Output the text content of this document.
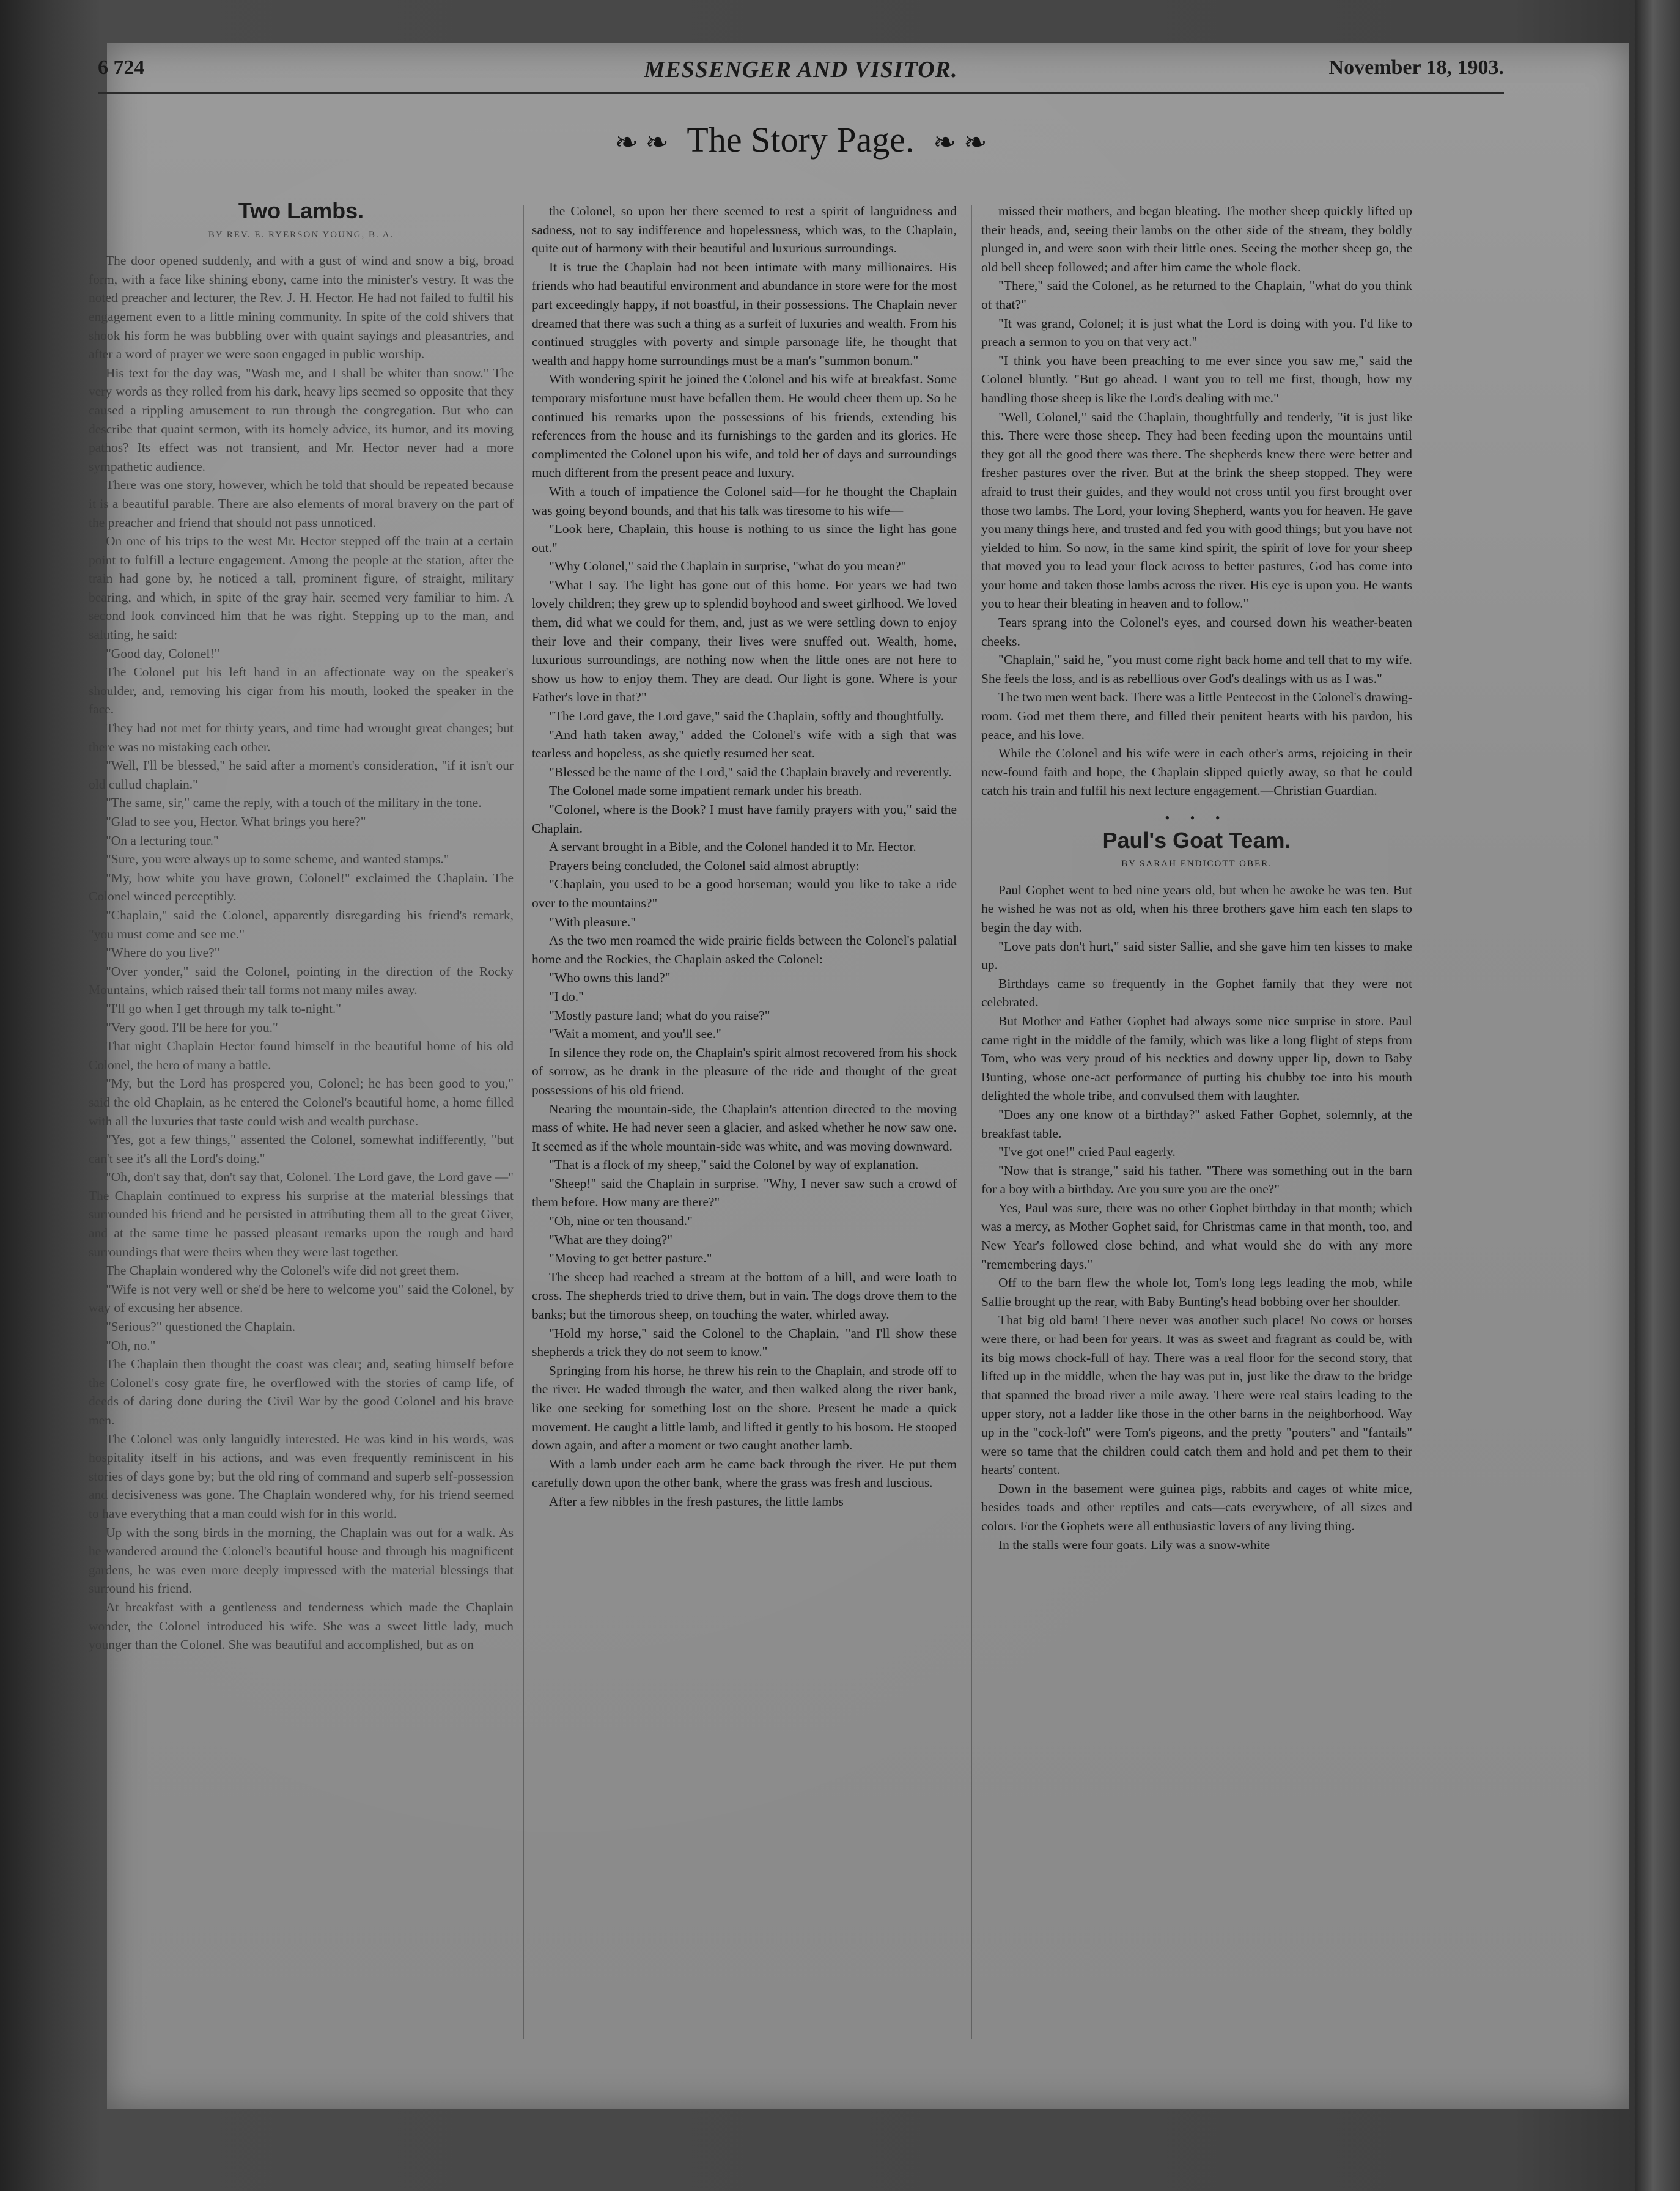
6 724	MESSENGER AND VISITOR.	November 18, 1903.
❧ ❧ The Story Page. ❧ ❧
Two Lambs.
BY REV. E. RYERSON YOUNG, B. A.

The door opened suddenly, and with a gust of wind and snow a big, broad form, with a face like shining ebony, came into the minister's vestry. It was the noted preacher and lecturer, the Rev. J. H. Hector. He had not failed to fulfil his engagement even to a little mining community. In spite of the cold shivers that shook his form he was bubbling over with quaint sayings and pleasantries, and after a word of prayer we were soon engaged in public worship.

His text for the day was, "Wash me, and I shall be whiter than snow." The very words as they rolled from his dark, heavy lips seemed so opposite that they caused a rippling amusement to run through the congregation. But who can describe that quaint sermon, with its homely advice, its humor, and its moving pathos? Its effect was not transient, and Mr. Hector never had a more sympathetic audience.

There was one story, however, which he told that should be repeated because it is a beautiful parable. There are also elements of moral bravery on the part of the preacher and friend that should not pass unnoticed.

On one of his trips to the west Mr. Hector stepped off the train at a certain point to fulfill a lecture engagement. Among the people at the station, after the train had gone by, he noticed a tall, prominent figure, of straight, military bearing, and which, in spite of the gray hair, seemed very familiar to him. A second look convinced him that he was right. Stepping up to the man, and saluting, he said:

"Good day, Colonel!"

The Colonel put his left hand in an affectionate way on the speaker's shoulder, and, removing his cigar from his mouth, looked the speaker in the face.

They had not met for thirty years, and time had wrought great changes; but there was no mistaking each other.

"Well, I'll be blessed," he said after a moment's consideration, "if it isn't our old cullud chaplain."

"The same, sir," came the reply, with a touch of the military in the tone.

"Glad to see you, Hector. What brings you here?"

"On a lecturing tour."

"Sure, you were always up to some scheme, and wanted stamps."

"My, how white you have grown, Colonel!" exclaimed the Chaplain. The Colonel winced perceptibly.

"Chaplain," said the Colonel, apparently disregarding his friend's remark, "you must come and see me."

"Where do you live?"

"Over yonder," said the Colonel, pointing in the direction of the Rocky Mountains, which raised their tall forms not many miles away.

"I'll go when I get through my talk to-night."

"Very good. I'll be here for you."

That night Chaplain Hector found himself in the beautiful home of his old Colonel, the hero of many a battle.

"My, but the Lord has prospered you, Colonel; he has been good to you," said the old Chaplain, as he entered the Colonel's beautiful home, a home filled with all the luxuries that taste could wish and wealth purchase.

"Yes, got a few things," assented the Colonel, somewhat indifferently, "but can't see it's all the Lord's doing."

"Oh, don't say that, don't say that, Colonel. The Lord gave, the Lord gave —" The Chaplain continued to express his surprise at the material blessings that surrounded his friend and he persisted in attributing them all to the great Giver, and at the same time he passed pleasant remarks upon the rough and hard surroundings that were theirs when they were last together.

The Chaplain wondered why the Colonel's wife did not greet them.

"Wife is not very well or she'd be here to welcome you" said the Colonel, by way of excusing her absence.

"Serious?" questioned the Chaplain.

"Oh, no."

The Chaplain then thought the coast was clear; and, seating himself before the Colonel's cosy grate fire, he overflowed with the stories of camp life, of deeds of daring done during the Civil War by the good Colonel and his brave men.

The Colonel was only languidly interested. He was kind in his words, was hospitality itself in his actions, and was even frequently reminiscent in his stories of days gone by; but the old ring of command and superb self-possession and decisiveness was gone. The Chaplain wondered why, for his friend seemed to have everything that a man could wish for in this world.

Up with the song birds in the morning, the Chaplain was out for a walk. As he wandered around the Colonel's beautiful house and through his magnificent gardens, he was even more deeply impressed with the material blessings that surround his friend.

At breakfast with a gentleness and tenderness which made the Chaplain wonder, the Colonel introduced his wife. She was a sweet little lady, much younger than the Colonel. She was beautiful and accomplished, but as on

the Colonel, so upon her there seemed to rest a spirit of languidness and sadness, not to say indifference and hopelessness, which was, to the Chaplain, quite out of harmony with their beautiful and luxurious surroundings.

It is true the Chaplain had not been intimate with many millionaires. His friends who had beautiful environment and abundance in store were for the most part exceedingly happy, if not boastful, in their possessions. The Chaplain never dreamed that there was such a thing as a surfeit of luxuries and wealth. From his continued struggles with poverty and simple parsonage life, he thought that wealth and happy home surroundings must be a man's "summon bonum."

With wondering spirit he joined the Colonel and his wife at breakfast. Some temporary misfortune must have befallen them. He would cheer them up. So he continued his remarks upon the possessions of his friends, extending his references from the house and its furnishings to the garden and its glories. He complimented the Colonel upon his wife, and told her of days and surroundings much different from the present peace and luxury.

With a touch of impatience the Colonel said—for he thought the Chaplain was going beyond bounds, and that his talk was tiresome to his wife—

"Look here, Chaplain, this house is nothing to us since the light has gone out."

"Why Colonel," said the Chaplain in surprise, "what do you mean?"

"What I say. The light has gone out of this home. For years we had two lovely children; they grew up to splendid boyhood and sweet girlhood. We loved them, did what we could for them, and, just as we were settling down to enjoy their love and their company, their lives were snuffed out. Wealth, home, luxurious surroundings, are nothing now when the little ones are not here to show us how to enjoy them. They are dead. Our light is gone. Where is your Father's love in that?"

"The Lord gave, the Lord gave," said the Chaplain, softly and thoughtfully.

"And hath taken away," added the Colonel's wife with a sigh that was tearless and hopeless, as she quietly resumed her seat.

"Blessed be the name of the Lord," said the Chaplain bravely and reverently.

The Colonel made some impatient remark under his breath.

"Colonel, where is the Book? I must have family prayers with you," said the Chaplain.

A servant brought in a Bible, and the Colonel handed it to Mr. Hector.

Prayers being concluded, the Colonel said almost abruptly:

"Chaplain, you used to be a good horseman; would you like to take a ride over to the mountains?"

"With pleasure."

As the two men roamed the wide prairie fields between the Colonel's palatial home and the Rockies, the Chaplain asked the Colonel:

"Who owns this land?"

"I do."

"Mostly pasture land; what do you raise?"

"Wait a moment, and you'll see."

In silence they rode on, the Chaplain's spirit almost recovered from his shock of sorrow, as he drank in the pleasure of the ride and thought of the great possessions of his old friend.

Nearing the mountain-side, the Chaplain's attention directed to the moving mass of white. He had never seen a glacier, and asked whether he now saw one. It seemed as if the whole mountain-side was white, and was moving downward.

"That is a flock of my sheep," said the Colonel by way of explanation.

"Sheep!" said the Chaplain in surprise. "Why, I never saw such a crowd of them before. How many are there?"

"Oh, nine or ten thousand."

"What are they doing?"

"Moving to get better pasture."

The sheep had reached a stream at the bottom of a hill, and were loath to cross. The shepherds tried to drive them, but in vain. The dogs drove them to the banks; but the timorous sheep, on touching the water, whirled away.

"Hold my horse," said the Colonel to the Chaplain, "and I'll show these shepherds a trick they do not seem to know."

Springing from his horse, he threw his rein to the Chaplain, and strode off to the river. He waded through the water, and then walked along the river bank, like one seeking for something lost on the shore. Present he made a quick movement. He caught a little lamb, and lifted it gently to his bosom. He stooped down again, and after a moment or two caught another lamb.

With a lamb under each arm he came back through the river. He put them carefully down upon the other bank, where the grass was fresh and luscious.

After a few nibbles in the fresh pastures, the little lambs

missed their mothers, and began bleating. The mother sheep quickly lifted up their heads, and, seeing their lambs on the other side of the stream, they boldly plunged in, and were soon with their little ones. Seeing the mother sheep go, the old bell sheep followed; and after him came the whole flock.

"There," said the Colonel, as he returned to the Chaplain, "what do you think of that?"

"It was grand, Colonel; it is just what the Lord is doing with you. I'd like to preach a sermon to you on that very act."

"I think you have been preaching to me ever since you saw me," said the Colonel bluntly. "But go ahead. I want you to tell me first, though, how my handling those sheep is like the Lord's dealing with me."

"Well, Colonel," said the Chaplain, thoughtfully and tenderly, "it is just like this. There were those sheep. They had been feeding upon the mountains until they got all the good there was there. The shepherds knew there were better and fresher pastures over the river. But at the brink the sheep stopped. They were afraid to trust their guides, and they would not cross until you first brought over those two lambs. The Lord, your loving Shepherd, wants you for heaven. He gave you many things here, and trusted and fed you with good things; but you have not yielded to him. So now, in the same kind spirit, the spirit of love for your sheep that moved you to lead your flock across to better pastures, God has come into your home and taken those lambs across the river. His eye is upon you. He wants you to hear their bleating in heaven and to follow."

Tears sprang into the Colonel's eyes, and coursed down his weather-beaten cheeks.

"Chaplain," said he, "you must come right back home and tell that to my wife. She feels the loss, and is as rebellious over God's dealings with us as I was."

The two men went back. There was a little Pentecost in the Colonel's drawing-room. God met them there, and filled their penitent hearts with his pardon, his peace, and his love.

While the Colonel and his wife were in each other's arms, rejoicing in their new-found faith and hope, the Chaplain slipped quietly away, so that he could catch his train and fulfil his next lecture engagement.—Christian Guardian.

• • •
Paul's Goat Team.
BY SARAH ENDICOTT OBER.

Paul Gophet went to bed nine years old, but when he awoke he was ten. But he wished he was not as old, when his three brothers gave him each ten slaps to begin the day with.

"Love pats don't hurt," said sister Sallie, and she gave him ten kisses to make up.

Birthdays came so frequently in the Gophet family that they were not celebrated.

But Mother and Father Gophet had always some nice surprise in store. Paul came right in the middle of the family, which was like a long flight of steps from Tom, who was very proud of his neckties and downy upper lip, down to Baby Bunting, whose one-act performance of putting his chubby toe into his mouth delighted the whole tribe, and convulsed them with laughter.

"Does any one know of a birthday?" asked Father Gophet, solemnly, at the breakfast table.

"I've got one!" cried Paul eagerly.

"Now that is strange," said his father. "There was something out in the barn for a boy with a birthday. Are you sure you are the one?"

Yes, Paul was sure, there was no other Gophet birthday in that month; which was a mercy, as Mother Gophet said, for Christmas came in that month, too, and New Year's followed close behind, and what would she do with any more "remembering days."

Off to the barn flew the whole lot, Tom's long legs leading the mob, while Sallie brought up the rear, with Baby Bunting's head bobbing over her shoulder.

That big old barn! There never was another such place! No cows or horses were there, or had been for years. It was as sweet and fragrant as could be, with its big mows chock-full of hay. There was a real floor for the second story, that lifted up in the middle, when the hay was put in, just like the draw to the bridge that spanned the broad river a mile away. There were real stairs leading to the upper story, not a ladder like those in the other barns in the neighborhood. Way up in the "cock-loft" were Tom's pigeons, and the pretty "pouters" and "fantails" were so tame that the children could catch them and hold and pet them to their hearts' content.

Down in the basement were guinea pigs, rabbits and cages of white mice, besides toads and other reptiles and cats—cats everywhere, of all sizes and colors. For the Gophets were all enthusiastic lovers of any living thing.

In the stalls were four goats. Lily was a snow-white
